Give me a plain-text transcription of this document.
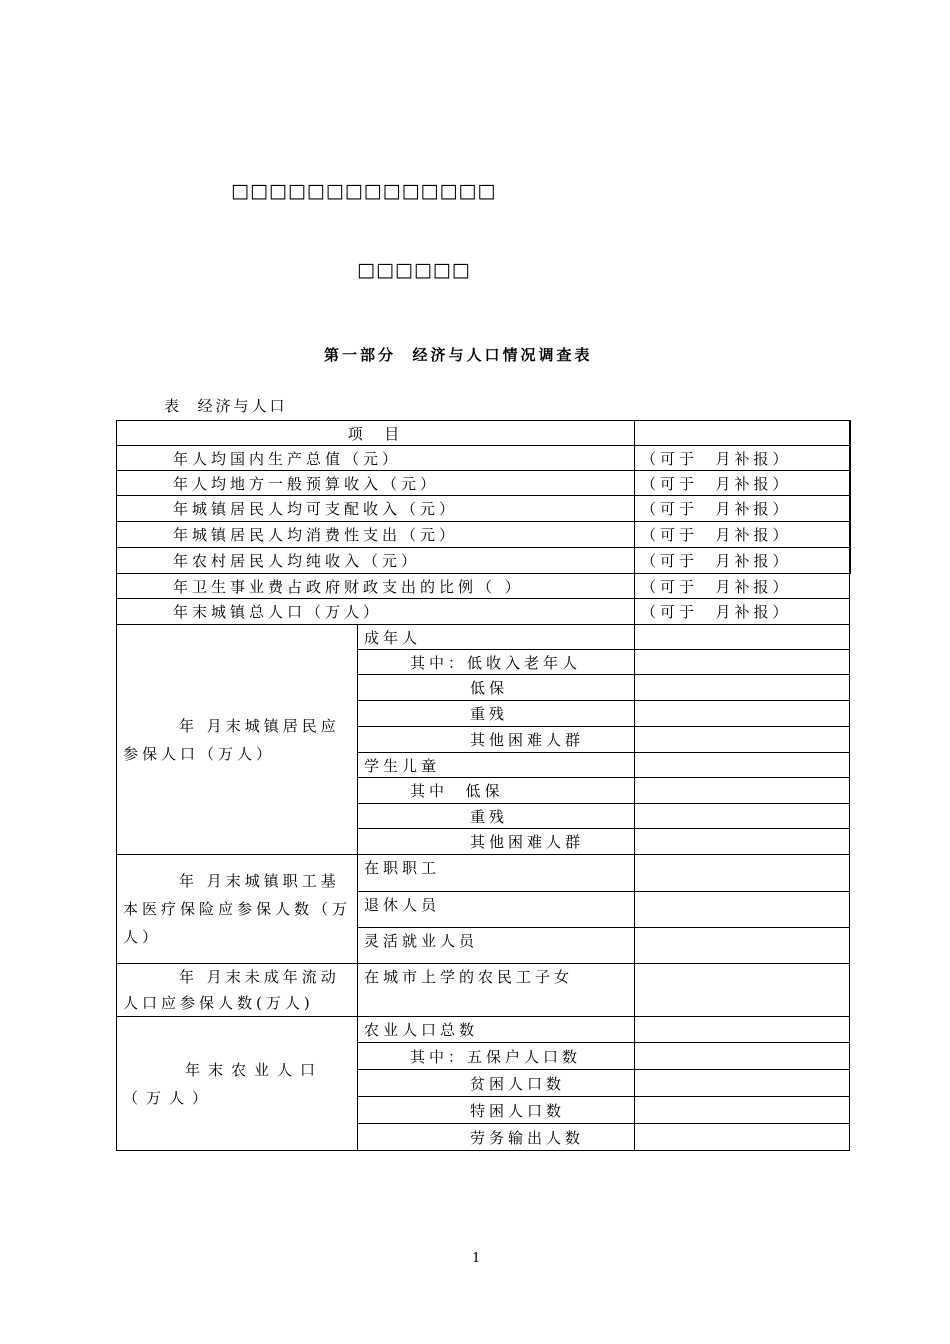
□□□□□□□□□□□□□□
□□□□□□
第一部分  经济与人口情况调查表
表  经济与人口
项  目		
年人均国内生产总值（元）		（可于  月补报）
年人均地方一般预算收入（元）		（可于  月补报）
年城镇居民人均可支配收入（元）		（可于  月补报）
年城镇居民人均消费性支出（元）		（可于  月补报）
年农村居民人均纯收入（元）		（可于  月补报）
年卫生事业费占政府财政支出的比例（ ）		（可于  月补报）
年末城镇总人口（万人）		（可于  月补报）
年 月末城镇居民应参保人口（万人）	成年人	
	其中：低收入老年人	
	低保	
	重残	
	其他困难人群	
	学生儿童	
	其中  低保	
	重残	
	其他困难人群	
年 月末城镇职工基本医疗保险应参保人数（万人）	在职职工	
	退休人员	
	灵活就业人员	
年 月末未成年流动人口应参保人数(万人)	在城市上学的农民工子女	
年末农业人口（万人）	农业人口总数	
	其中：五保户人口数	
	贫困人口数	
	特困人口数	
	劳务输出人数	
1
